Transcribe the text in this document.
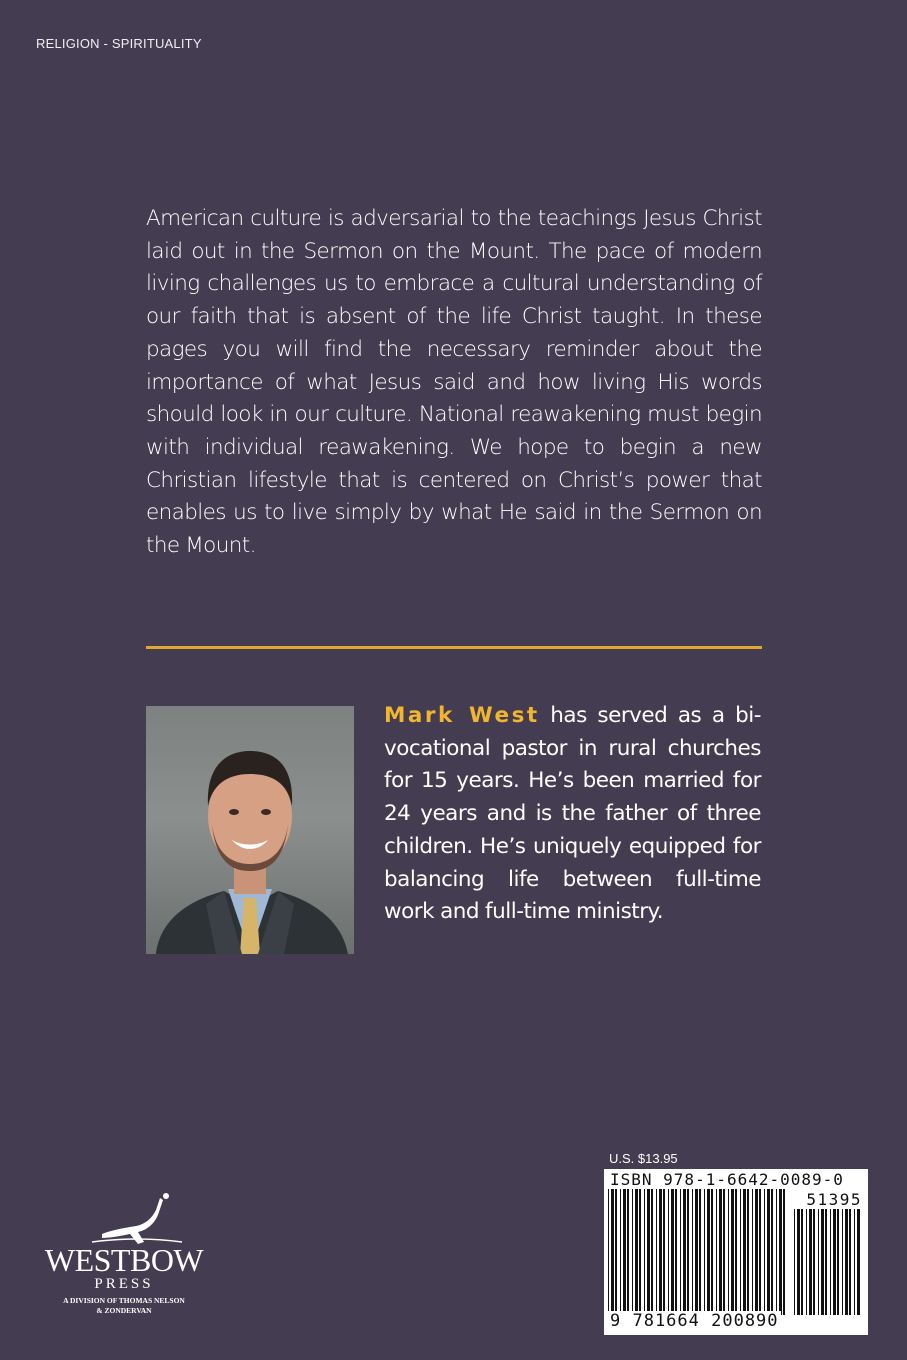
RELIGION - SPIRITUALITY

American culture is adversarial to the teachings Jesus Christ laid out in the Sermon on the Mount. The pace of modern living challenges us to embrace a cultural understanding of our faith that is absent of the life Christ taught. In these pages you will find the necessary reminder about the importance of what Jesus said and how living His words should look in our culture. National reawakening must begin with individual reawakening. We hope to begin a new Christian lifestyle that is centered on Christ’s power that enables us to live simply by what He said in the Sermon on the Mount.

Mark West has served as a bi-vocational pastor in rural churches for 15 years. He’s been married for 24 years and is the father of three children. He’s uniquely equipped for balancing life between full-time work and full-time ministry.

U.S. $13.95
ISBN 978-1-6642-0089-0
51395
9 781664 200890
WESTBOW
PRESS
A DIVISION OF THOMAS NELSON
& ZONDERVAN
